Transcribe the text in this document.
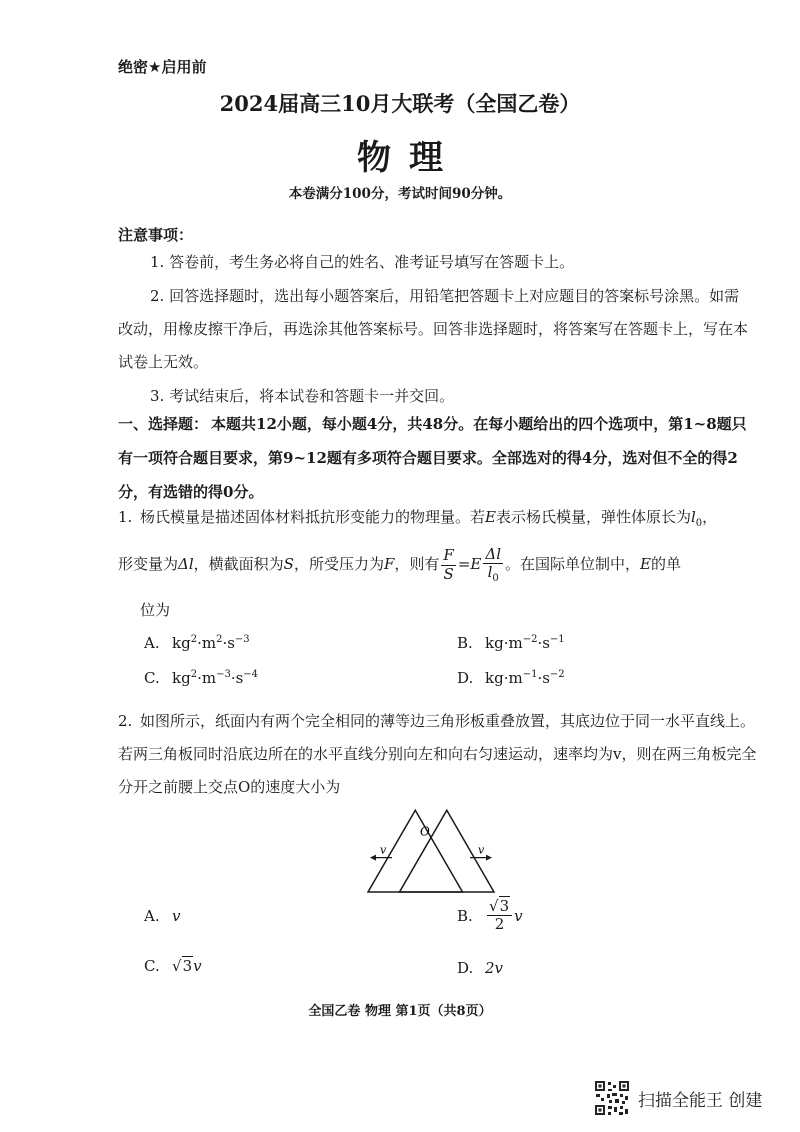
绝密★启用前
2024届高三10月大联考（全国乙卷）
物理
本卷满分100分，考试时间90分钟。
注意事项：
1. 答卷前，考生务必将自己的姓名、准考证号填写在答题卡上。
2. 回答选择题时，选出每小题答案后，用铅笔把答题卡上对应题目的答案标号涂黑。如需改动，用橡皮擦干净后，再选涂其他答案标号。回答非选择题时，将答案写在答题卡上，写在本试卷上无效。
3. 考试结束后，将本试卷和答题卡一并交回。
一、选择题： 本题共12小题，每小题4分，共48分。在每小题给出的四个选项中，第1~8题只有一项符合题目要求，第9~12题有多项符合题目要求。全部选对的得4分，选对但不全的得2分，有选错的得0分。
1. 杨氏模量是描述固体材料抵抗形变能力的物理量。若E表示杨氏模量，弹性体原长为$l_0$，
形变量为Δl，横截面积为S，所受压力为F，则有 $\frac{F}{S} =E \frac{\Delta l}{l_0}$ 。在国际单位制中，E的单
位为
A. $kg^2\cdot m^2\cdot s^{-3}$	B. $kg\cdot m^{-2}\cdot s^{-1}$
C. $kg^2\cdot m^{-3}\cdot s^{-4}$	D. $kg\cdot m^{-1}\cdot s^{-2}$
2. 如图所示，纸面内有两个完全相同的薄等边三角形板重叠放置，其底边位于同一水平直线上。若两三角板同时沿底边所在的水平直线分别向左和向右匀速运动，速率均为v，则在两三角板完全分开之前腰上交点O的速度大小为
v	v
O
A. v	B. $\frac{√3}{2}$ v
C. √3v	D. 2v
全国乙卷 物理 第1页（共8页）
扫描全能王 创建
